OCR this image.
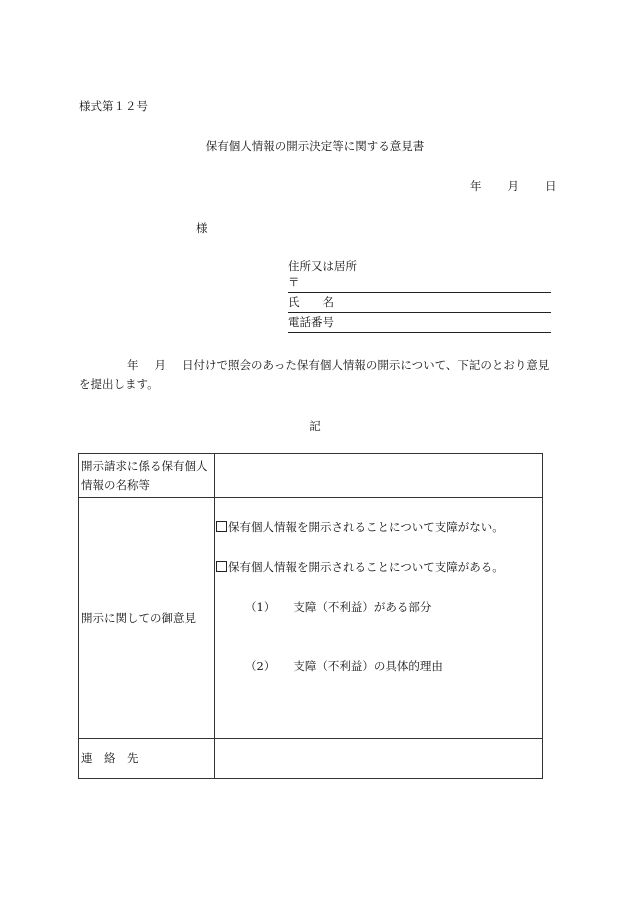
様式第１２号
保有個人情報の開示決定等に関する意見書
年 月 日
様
住所又は居所
〒
氏　　名
電話番号
年 月 日付けで照会のあった保有個人情報の開示について、下記のとおり意見を提出します。
記
開示請求に係る保有個人情報の名称等	
開示に関しての御意見	保有個人情報を開示されることについて支障がない。
保有個人情報を開示されることについて支障がある。
（1） 支障（不利益）がある部分
（2） 支障（不利益）の具体的理由

連　絡　先	
